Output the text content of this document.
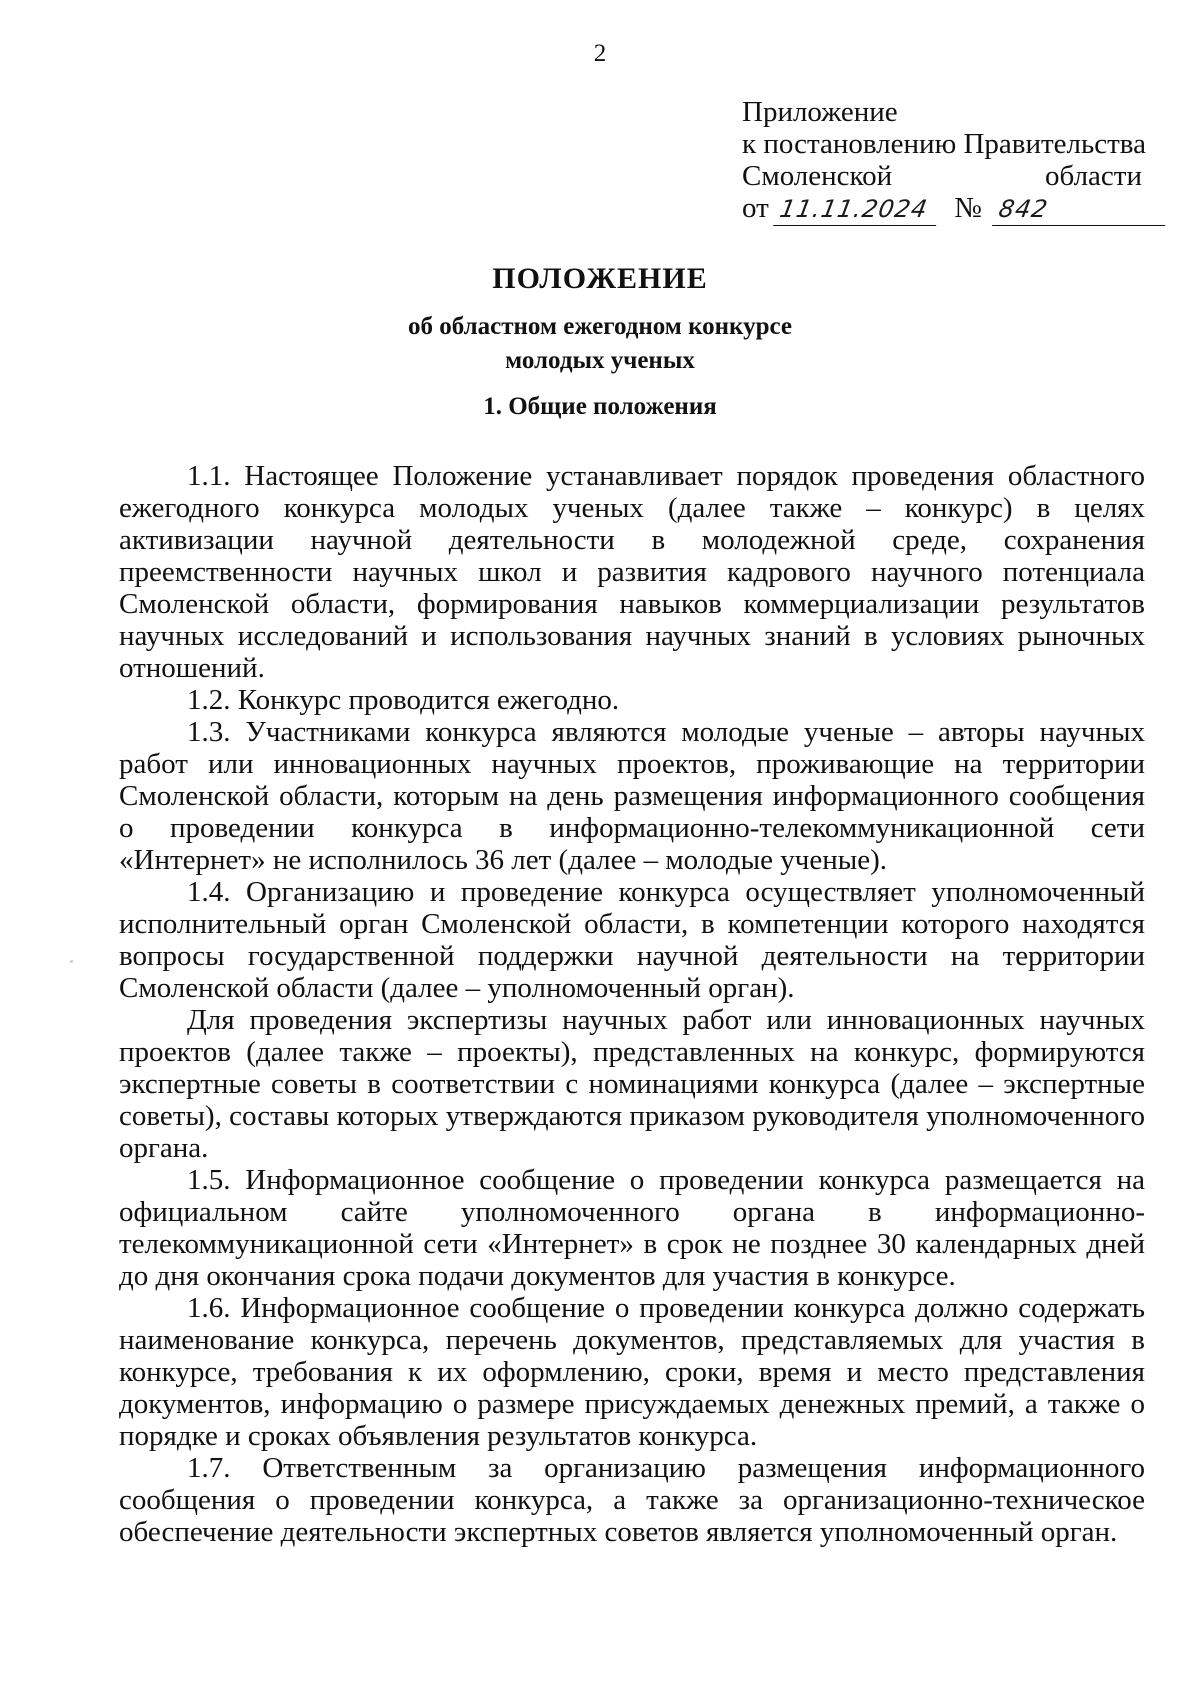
2
Приложение
к постановлению Правительства
Смоленской	области
от 11.11.2024 № 842
ПОЛОЖЕНИЕ
об областном ежегодном конкурсе
молодых ученых
1. Общие положения

1.1. Настоящее Положение устанавливает порядок проведения областного ежегодного конкурса молодых ученых (далее также – конкурс) в целях активизации научной деятельности в молодежной среде, сохранения преемственности научных школ и развития кадрового научного потенциала Смоленской области, формирования навыков коммерциализации результатов научных исследований и использования научных знаний в условиях рыночных отношений.

1.2. Конкурс проводится ежегодно.

1.3. Участниками конкурса являются молодые ученые – авторы научных работ или инновационных научных проектов, проживающие на территории Смоленской области, которым на день размещения информационного сообщения о проведении конкурса в информационно-телекоммуникационной сети «Интернет» не исполнилось 36 лет (далее – молодые ученые).

1.4. Организацию и проведение конкурса осуществляет уполномоченный исполнительный орган Смоленской области, в компетенции которого находятся вопросы государственной поддержки научной деятельности на территории Смоленской области (далее – уполномоченный орган).

Для проведения экспертизы научных работ или инновационных научных проектов (далее также – проекты), представленных на конкурс, формируются экспертные советы в соответствии с номинациями конкурса (далее – экспертные советы), составы которых утверждаются приказом руководителя уполномоченного органа.

1.5. Информационное сообщение о проведении конкурса размещается на официальном сайте уполномоченного органа в информационно-телекоммуникационной сети «Интернет» в срок не позднее 30 календарных дней до дня окончания срока подачи документов для участия в конкурсе.

1.6. Информационное сообщение о проведении конкурса должно содержать наименование конкурса, перечень документов, представляемых для участия в конкурсе, требования к их оформлению, сроки, время и место представления документов, информацию о размере присуждаемых денежных премий, а также о порядке и сроках объявления результатов конкурса.

1.7. Ответственным за организацию размещения информационного сообщения о проведении конкурса, а также за организационно-техническое обеспечение деятельности экспертных советов является уполномоченный орган.
